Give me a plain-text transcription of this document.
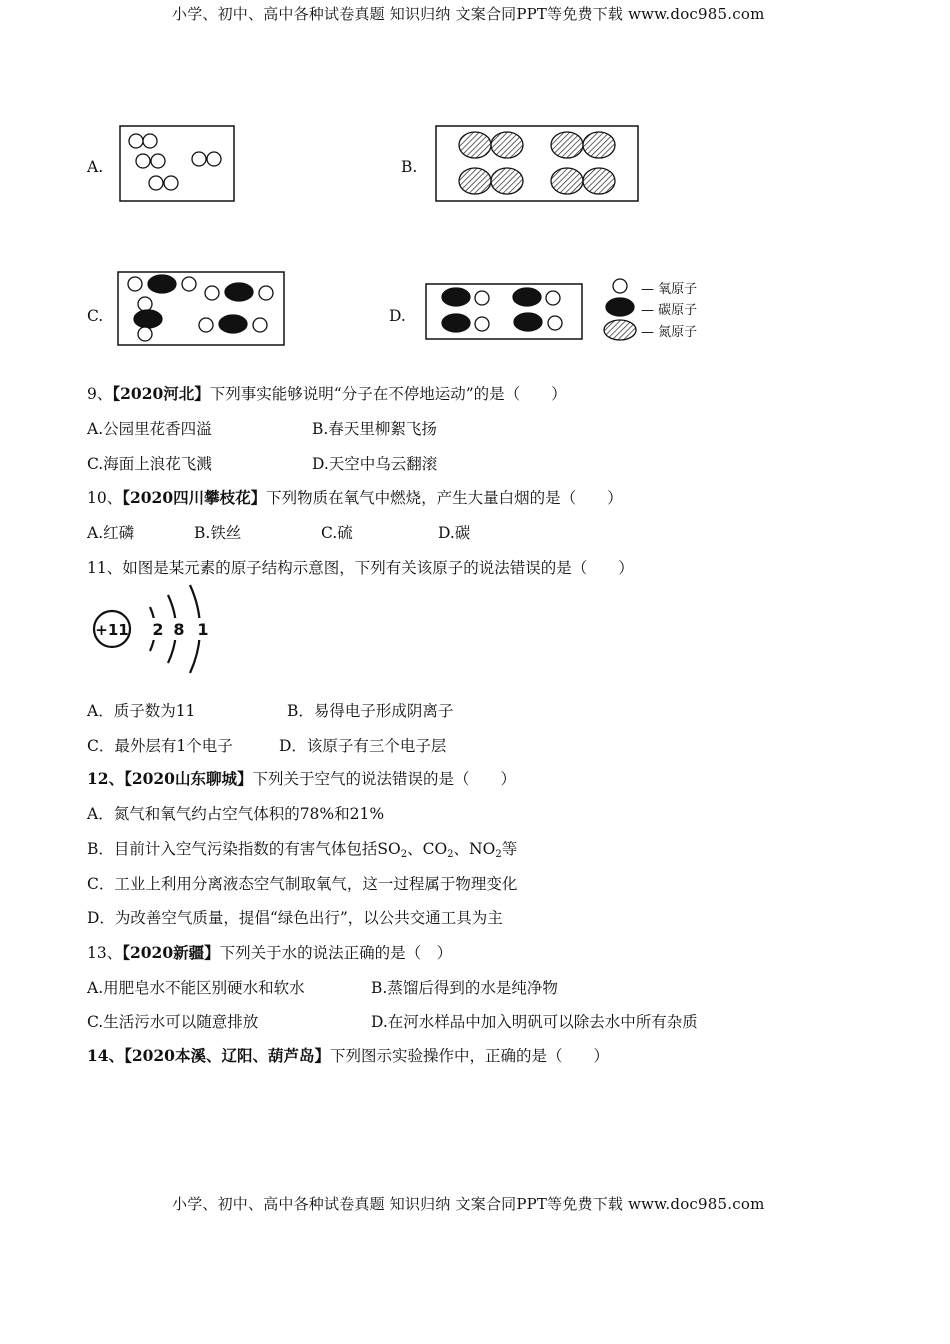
小学、初中、高中各种试卷真题 知识归纳 文案合同PPT等免费下载 www.doc985.com
A.	B.
C.	D.
— 氧原子
— 碳原子
— 氮原子
9、【2020河北】下列事实能够说明“分子在不停地运动”的是（　　）
A.公园里花香四溢	B.春天里柳絮飞扬
C.海面上浪花飞溅	D.天空中乌云翻滚
10、【2020四川攀枝花】下列物质在氧气中燃烧，产生大量白烟的是（　　）
A.红磷	B.铁丝	C.硫	D.碳
11、如图是某元素的原子结构示意图，下列有关该原子的说法错误的是（　　）
+11 2 8 1
A．质子数为11	B．易得电子形成阴离子
C．最外层有1个电子	D．该原子有三个电子层
12、【2020山东聊城】下列关于空气的说法错误的是（　　）
A．氮气和氧气约占空气体积的78%和21%
B．目前计入空气污染指数的有害气体包括$SO_2$、$CO_2$、$NO_2$等
C．工业上利用分离液态空气制取氧气，这一过程属于物理变化
D．为改善空气质量，提倡“绿色出行”，以公共交通工具为主
13、【2020新疆】下列关于水的说法正确的是（　）
A.用肥皂水不能区别硬水和软水	B.蒸馏后得到的水是纯净物
C.生活污水可以随意排放	D.在河水样品中加入明矾可以除去水中所有杂质
14、【2020本溪、辽阳、葫芦岛】下列图示实验操作中，正确的是（　　）
小学、初中、高中各种试卷真题 知识归纳 文案合同PPT等免费下载 www.doc985.com
